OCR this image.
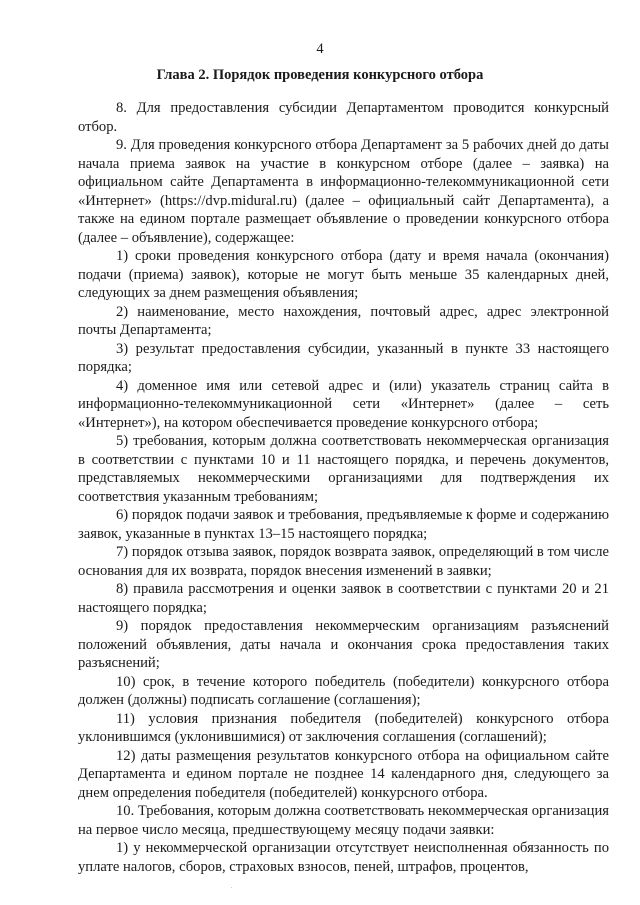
4
Глава 2. Порядок проведения конкурсного отбора

8. Для предоставления субсидии Департаментом проводится конкурсный отбор.

9. Для проведения конкурсного отбора Департамент за 5 рабочих дней до даты начала приема заявок на участие в конкурсном отборе (далее – заявка) на официальном сайте Департамента в информационно-телекоммуникационной сети «Интернет» (https://dvp.midural.ru) (далее – официальный сайт Департамента), а также на едином портале размещает объявление о проведении конкурсного отбора (далее – объявление), содержащее:

1) сроки проведения конкурсного отбора (дату и время начала (окончания) подачи (приема) заявок), которые не могут быть меньше 35 календарных дней, следующих за днем размещения объявления;

2) наименование, место нахождения, почтовый адрес, адрес электронной почты Департамента;

3) результат предоставления субсидии, указанный в пункте 33 настоящего порядка;

4) доменное имя или сетевой адрес и (или) указатель страниц сайта в информационно-телекоммуникационной сети «Интернет» (далее – сеть «Интернет»), на котором обеспечивается проведение конкурсного отбора;

5) требования, которым должна соответствовать некоммерческая организация в соответствии с пунктами 10 и 11 настоящего порядка, и перечень документов, представляемых некоммерческими организациями для подтверждения их соответствия указанным требованиям;

6) порядок подачи заявок и требования, предъявляемые к форме и содержанию заявок, указанные в пунктах 13–15 настоящего порядка;

7) порядок отзыва заявок, порядок возврата заявок, определяющий в том числе основания для их возврата, порядок внесения изменений в заявки;

8) правила рассмотрения и оценки заявок в соответствии с пунктами 20 и 21 настоящего порядка;

9) порядок предоставления некоммерческим организациям разъяснений положений объявления, даты начала и окончания срока предоставления таких разъяснений;

10) срок, в течение которого победитель (победители) конкурсного отбора должен (должны) подписать соглашение (соглашения);

11) условия признания победителя (победителей) конкурсного отбора уклонившимся (уклонившимися) от заключения соглашения (соглашений);

12) даты размещения результатов конкурсного отбора на официальном сайте Департамента и едином портале не позднее 14 календарного дня, следующего за днем определения победителя (победителей) конкурсного отбора.

10. Требования, которым должна соответствовать некоммерческая организация на первое число месяца, предшествующему месяцу подачи заявки:

1) у некоммерческой организации отсутствует неисполненная обязанность по уплате налогов, сборов, страховых взносов, пеней, штрафов, процентов,

.
